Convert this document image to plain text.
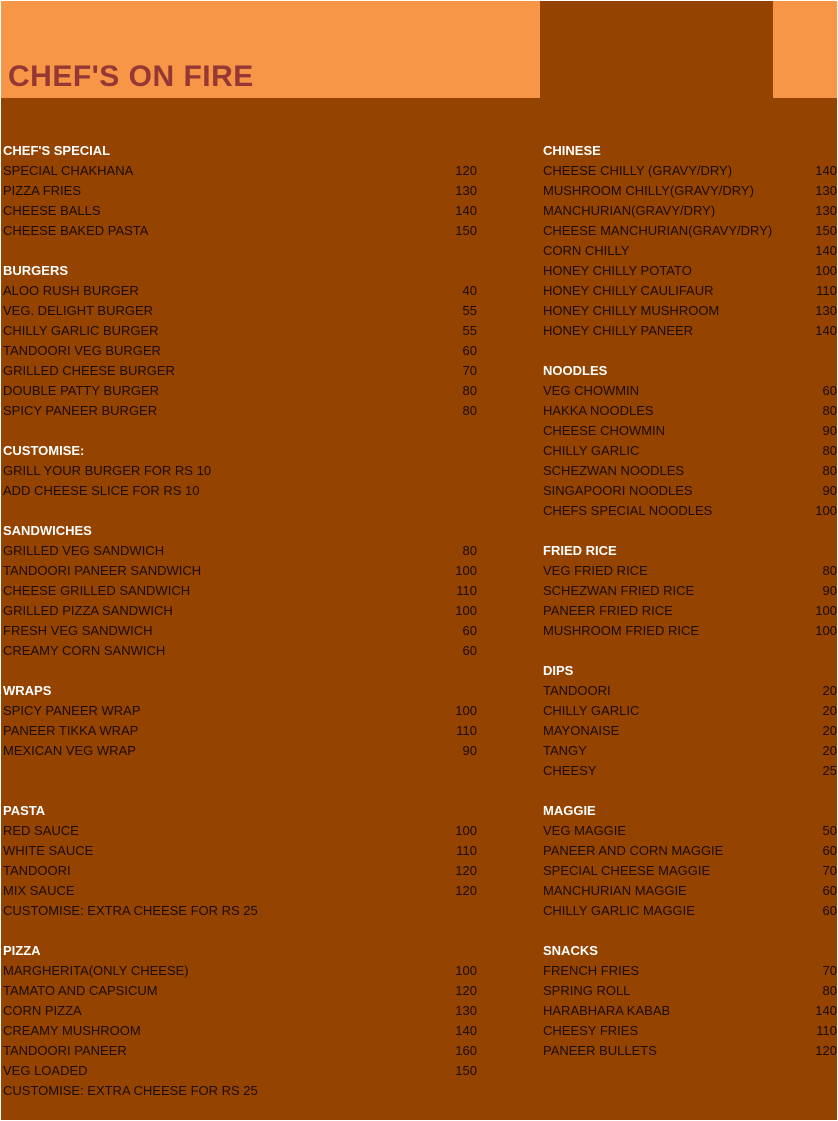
CHEF'S ON FIRE
CHEF'S SPECIAL
SPECIAL CHAKHANA	120
PIZZA FRIES	130
CHEESE BALLS	140
CHEESE BAKED PASTA	150
BURGERS
ALOO RUSH BURGER	40
VEG. DELIGHT BURGER	55
CHILLY GARLIC BURGER	55
TANDOORI VEG BURGER	60
GRILLED CHEESE BURGER	70
DOUBLE PATTY BURGER	80
SPICY PANEER BURGER	80
CUSTOMISE:
GRILL YOUR BURGER FOR RS 10
ADD CHEESE SLICE FOR RS 10
SANDWICHES
GRILLED VEG SANDWICH	80
TANDOORI PANEER SANDWICH	100
CHEESE GRILLED SANDWICH	110
GRILLED PIZZA SANDWICH	100
FRESH VEG SANDWICH	60
CREAMY CORN SANWICH	60
WRAPS
SPICY PANEER WRAP	100
PANEER TIKKA WRAP	110
MEXICAN VEG WRAP	90
PASTA
RED SAUCE	100
WHITE SAUCE	110
TANDOORI	120
MIX SAUCE	120
CUSTOMISE: EXTRA CHEESE FOR RS 25
PIZZA
MARGHERITA(ONLY CHEESE)	100
TAMATO AND CAPSICUM	120
CORN PIZZA	130
CREAMY MUSHROOM	140
TANDOORI PANEER	160
VEG LOADED	150
CUSTOMISE: EXTRA CHEESE FOR RS 25
CHINESE
CHEESE CHILLY (GRAVY/DRY)	140
MUSHROOM CHILLY(GRAVY/DRY)	130
MANCHURIAN(GRAVY/DRY)	130
CHEESE MANCHURIAN(GRAVY/DRY)	150
CORN CHILLY	140
HONEY CHILLY POTATO	100
HONEY CHILLY CAULIFAUR	110
HONEY CHILLY MUSHROOM	130
HONEY CHILLY PANEER	140
NOODLES
VEG CHOWMIN	60
HAKKA NOODLES	80
CHEESE CHOWMIN	90
CHILLY GARLIC	80
SCHEZWAN NOODLES	80
SINGAPOORI NOODLES	90
CHEFS SPECIAL NOODLES	100
FRIED RICE
VEG FRIED RICE	80
SCHEZWAN FRIED RICE	90
PANEER FRIED RICE	100
MUSHROOM FRIED RICE	100
DIPS
TANDOORI	20
CHILLY GARLIC	20
MAYONAISE	20
TANGY	20
CHEESY	25
MAGGIE
VEG MAGGIE	50
PANEER AND CORN MAGGIE	60
SPECIAL CHEESE MAGGIE	70
MANCHURIAN MAGGIE	60
CHILLY GARLIC MAGGIE	60
SNACKS
FRENCH FRIES	70
SPRING ROLL	80
HARABHARA KABAB	140
CHEESY FRIES	110
PANEER BULLETS	120
